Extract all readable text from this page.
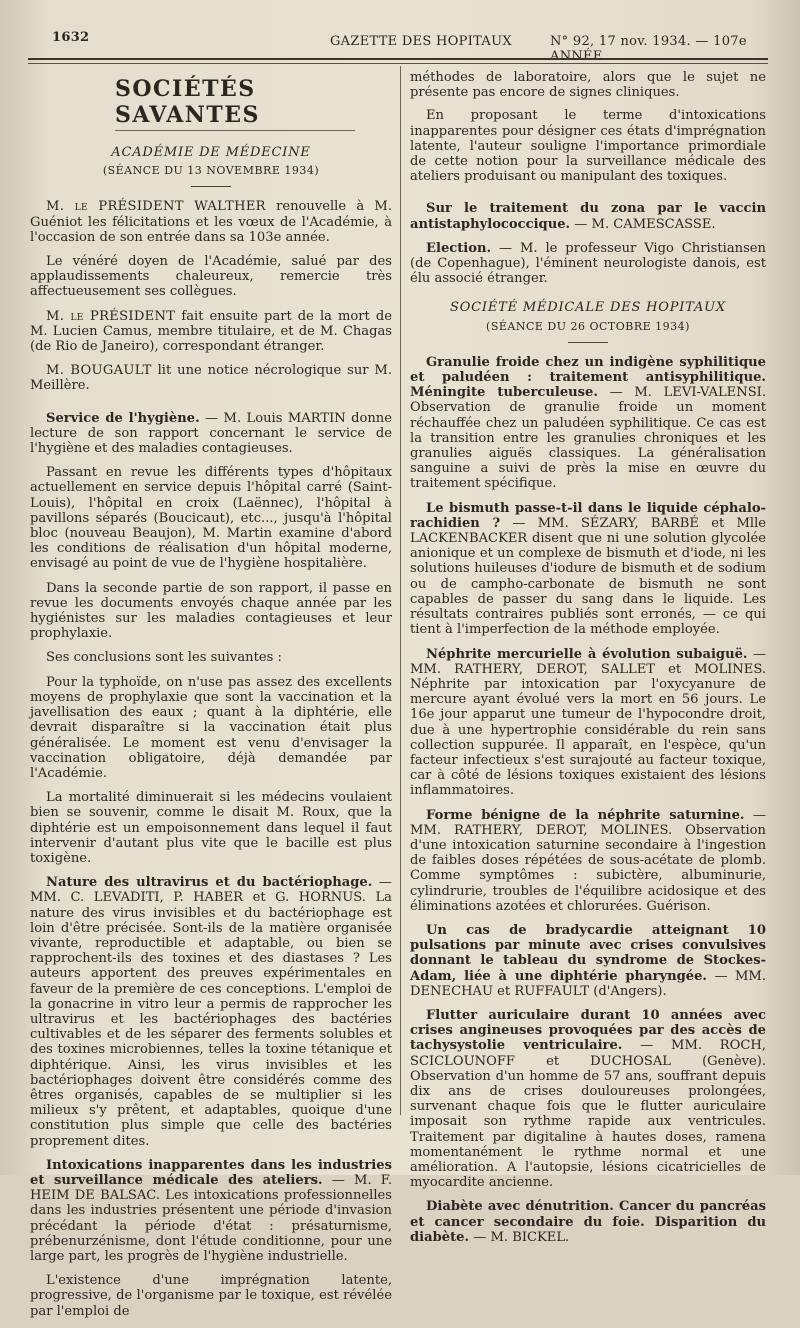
1632	GAZETTE DES HOPITAUX	N° 92, 17 nov. 1934. — 107e ANNÉE.
SOCIÉTÉS SAVANTES
ACADÉMIE DE MÉDECINE
(SÉANCE DU 13 NOVEMBRE 1934)

M. le PRÉSIDENT WALTHER renouvelle à M. Guéniot les félicitations et les vœux de l'Académie, à l'occasion de son entrée dans sa 103e année.

Le vénéré doyen de l'Académie, salué par des applaudissements chaleureux, remercie très affectueusement ses collègues.

M. le PRÉSIDENT fait ensuite part de la mort de M. Lucien Camus, membre titulaire, et de M. Chagas (de Rio de Janeiro), correspondant étranger.

M. BOUGAULT lit une notice nécrologique sur M. Meillère.

Service de l'hygiène. — M. Louis MARTIN donne lecture de son rapport concernant le service de l'hygiène et des maladies contagieuses.

Passant en revue les différents types d'hôpitaux actuellement en service depuis l'hôpital carré (Saint-Louis), l'hôpital en croix (Laënnec), l'hôpital à pavillons séparés (Boucicaut), etc..., jusqu'à l'hôpital bloc (nouveau Beaujon), M. Martin examine d'abord les conditions de réalisation d'un hôpital moderne, envisagé au point de vue de l'hygiène hospitalière.

Dans la seconde partie de son rapport, il passe en revue les documents envoyés chaque année par les hygiénistes sur les maladies contagieuses et leur prophylaxie.

Ses conclusions sont les suivantes :

Pour la typhoïde, on n'use pas assez des excellents moyens de prophylaxie que sont la vaccination et la javellisation des eaux ; quant à la diphtérie, elle devrait disparaître si la vaccination était plus généralisée. Le moment est venu d'envisager la vaccination obligatoire, déjà demandée par l'Académie.

La mortalité diminuerait si les médecins voulaient bien se souvenir, comme le disait M. Roux, que la diphtérie est un empoisonnement dans lequel il faut intervenir d'autant plus vite que le bacille est plus toxigène.

Nature des ultravirus et du bactériophage. — MM. C. LEVADITI, P. HABER et G. HORNUS. La nature des virus invisibles et du bactériophage est loin d'être précisée. Sont-ils de la matière organisée vivante, reproductible et adaptable, ou bien se rapprochent-ils des toxines et des diastases ? Les auteurs apportent des preuves expérimentales en faveur de la première de ces conceptions. L'emploi de la gonacrine in vitro leur a permis de rapprocher les ultravirus et les bactériophages des bactéries cultivables et de les séparer des ferments solubles et des toxines microbiennes, telles la toxine tétanique et diphtérique. Ainsi, les virus invisibles et les bactériophages doivent être considérés comme des êtres organisés, capables de se multiplier si les milieux s'y prêtent, et adaptables, quoique d'une constitution plus simple que celle des bactéries proprement dites.

Intoxications inapparentes dans les industries et surveillance médicale des ateliers. — M. F. HEIM DE BALSAC. Les intoxications professionnelles dans les industries présentent une période d'invasion précédant la période d'état : présaturnisme, prébenurzénisme, dont l'étude conditionne, pour une large part, les progrès de l'hygiène industrielle.

L'existence d'une imprégnation latente, progressive, de l'organisme par le toxique, est révélée par l'emploi de

méthodes de laboratoire, alors que le sujet ne présente pas encore de signes cliniques.

En proposant le terme d'intoxications inapparentes pour désigner ces états d'imprégnation latente, l'auteur souligne l'importance primordiale de cette notion pour la surveillance médicale des ateliers produisant ou manipulant des toxiques.

Sur le traitement du zona par le vaccin antistaphylococcique. — M. CAMESCASSE.

Election. — M. le professeur Vigo Christiansen (de Copenhague), l'éminent neurologiste danois, est élu associé étranger.

SOCIÉTÉ MÉDICALE DES HOPITAUX
(SÉANCE DU 26 OCTOBRE 1934)

Granulie froide chez un indigène syphilitique et paludéen : traitement antisyphilitique. Méningite tuberculeuse. — M. LEVI-VALENSI. Observation de granulie froide un moment réchauffée chez un paludéen syphilitique. Ce cas est la transition entre les granulies chroniques et les granulies aiguës classiques. La généralisation sanguine a suivi de près la mise en œuvre du traitement spécifique.

Le bismuth passe-t-il dans le liquide céphalo-rachidien ? — MM. SÉZARY, BARBÉ et Mlle LACKENBACKER disent que ni une solution glycolée anionique et un complexe de bismuth et d'iode, ni les solutions huileuses d'iodure de bismuth et de sodium ou de campho-carbonate de bismuth ne sont capables de passer du sang dans le liquide. Les résultats contraires publiés sont erronés, — ce qui tient à l'imperfection de la méthode employée.

Néphrite mercurielle à évolution subaiguë. — MM. RATHERY, DEROT, SALLET et MOLINES. Néphrite par intoxication par l'oxycyanure de mercure ayant évolué vers la mort en 56 jours. Le 16e jour apparut une tumeur de l'hypocondre droit, due à une hypertrophie considérable du rein sans collection suppurée. Il apparaît, en l'espèce, qu'un facteur infectieux s'est surajouté au facteur toxique, car à côté de lésions toxiques existaient des lésions inflammatoires.

Forme bénigne de la néphrite saturnine. — MM. RATHERY, DEROT, MOLINES. Observation d'une intoxication saturnine secondaire à l'ingestion de faibles doses répétées de sous-acétate de plomb. Comme symptômes : subictère, albuminurie, cylindrurie, troubles de l'équilibre acidosique et des éliminations azotées et chlorurées. Guérison.

Un cas de bradycardie atteignant 10 pulsations par minute avec crises convulsives donnant le tableau du syndrome de Stockes-Adam, liée à une diphtérie pharyngée. — MM. DENECHAU et RUFFAULT (d'Angers).

Flutter auriculaire durant 10 années avec crises angineuses provoquées par des accès de tachysystolie ventriculaire. — MM. ROCH, SCICLOUNOFF et DUCHOSAL (Genève). Observation d'un homme de 57 ans, souffrant depuis dix ans de crises douloureuses prolongées, survenant chaque fois que le flutter auriculaire imposait son rythme rapide aux ventricules. Traitement par digitaline à hautes doses, ramena momentanément le rythme normal et une amélioration. A l'autopsie, lésions cicatricielles de myocardite ancienne.

Diabète avec dénutrition. Cancer du pancréas et cancer secondaire du foie. Disparition du diabète. — M. BICKEL.
